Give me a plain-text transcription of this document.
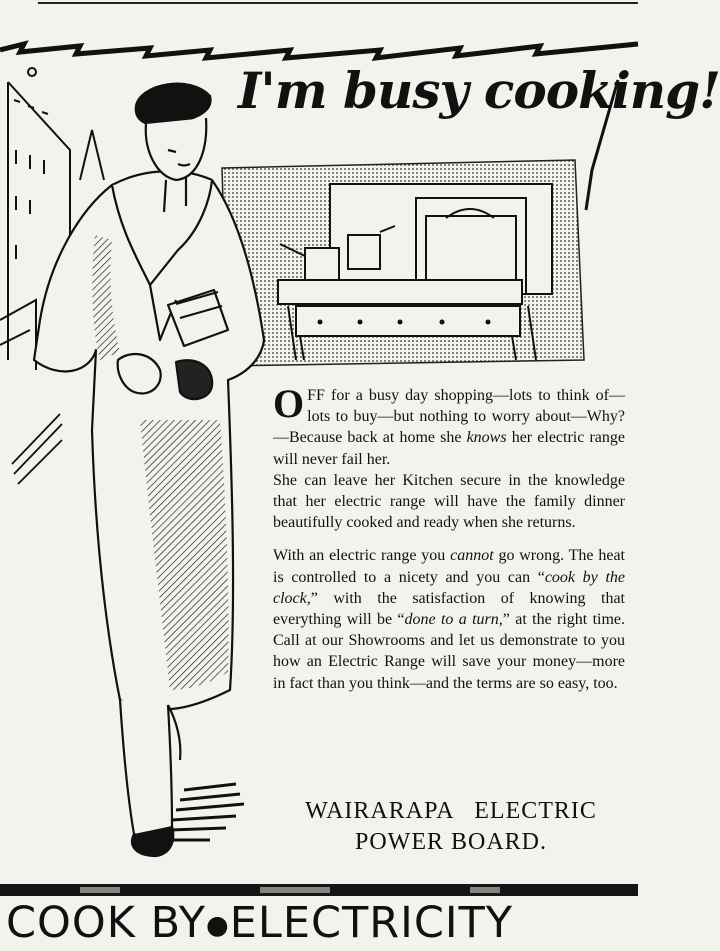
I'm busy cooking!

OFF for a busy day shopping—lots to think of—lots to buy—but nothing to worry about—Why?—Because back at home she knows her electric range will never fail her.
She can leave her Kitchen secure in the knowledge that her electric range will have the family dinner beautifully cooked and ready when she returns.

With an electric range you cannot go wrong. The heat is controlled to a nicety and you can “cook by the clock,” with the satisfaction of knowing that everything will be “done to a turn,” at the right time. Call at our Showrooms and let us demonstrate to you how an Electric Range will save your money—more in fact than you think—and the terms are so easy, too.

WAIRARAPA   ELECTRIC
POWER BOARD.
COOK BY●ELECTRICITY
